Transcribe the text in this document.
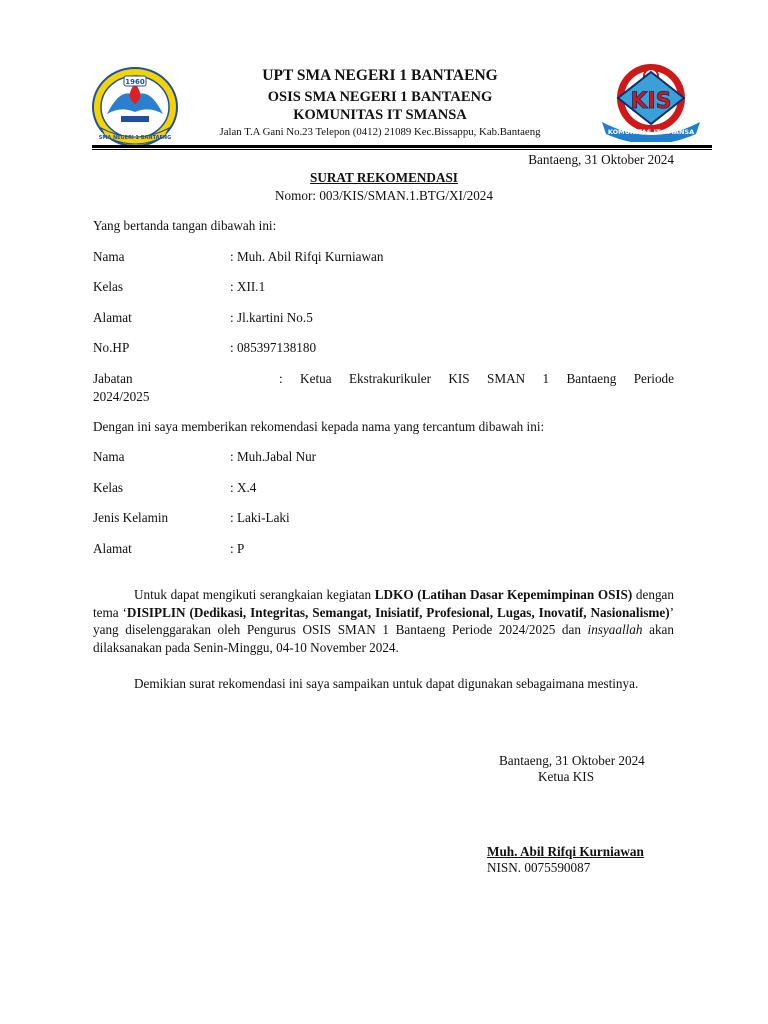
1960
SMA NEGERI 1 BANTAENG
KIS
KOMUNITAS IT SMANSA
UPT SMA NEGERI 1 BANTAENG
OSIS SMA NEGERI 1 BANTAENG
KOMUNITAS IT SMANSA
Jalan T.A Gani No.23 Telepon (0412) 21089 Kec.Bissappu, Kab.Bantaeng
Bantaeng, 31 Oktober 2024
SURAT REKOMENDASI
Nomor: 003/KIS/SMAN.1.BTG/XI/2024
Yang bertanda tangan dibawah ini:
Nama	: Muh. Abil Rifqi Kurniawan
Kelas	: XII.1
Alamat	: Jl.kartini No.5
No.HP	: 085397138180
Jabatan	: Ketua Ekstrakurikuler KIS SMAN 1 Bantaeng Periode
2024/2025
Dengan ini saya memberikan rekomendasi kepada nama yang tercantum dibawah ini:
Nama	: Muh.Jabal Nur
Kelas	: X.4
Jenis Kelamin	: Laki-Laki
Alamat	: P
Untuk dapat mengikuti serangkaian kegiatan LDKO (Latihan Dasar Kepemimpinan OSIS) dengan tema ‘DISIPLIN (Dedikasi, Integritas, Semangat, Inisiatif, Profesional, Lugas, Inovatif, Nasionalisme)’ yang diselenggarakan oleh Pengurus OSIS SMAN 1 Bantaeng Periode 2024/2025 dan insyaallah akan dilaksanakan pada Senin-Minggu, 04-10 November 2024.
Demikian surat rekomendasi ini saya sampaikan untuk dapat digunakan sebagaimana mestinya.
Bantaeng, 31 Oktober 2024
Ketua KIS
Muh. Abil Rifqi Kurniawan
NISN. 0075590087
